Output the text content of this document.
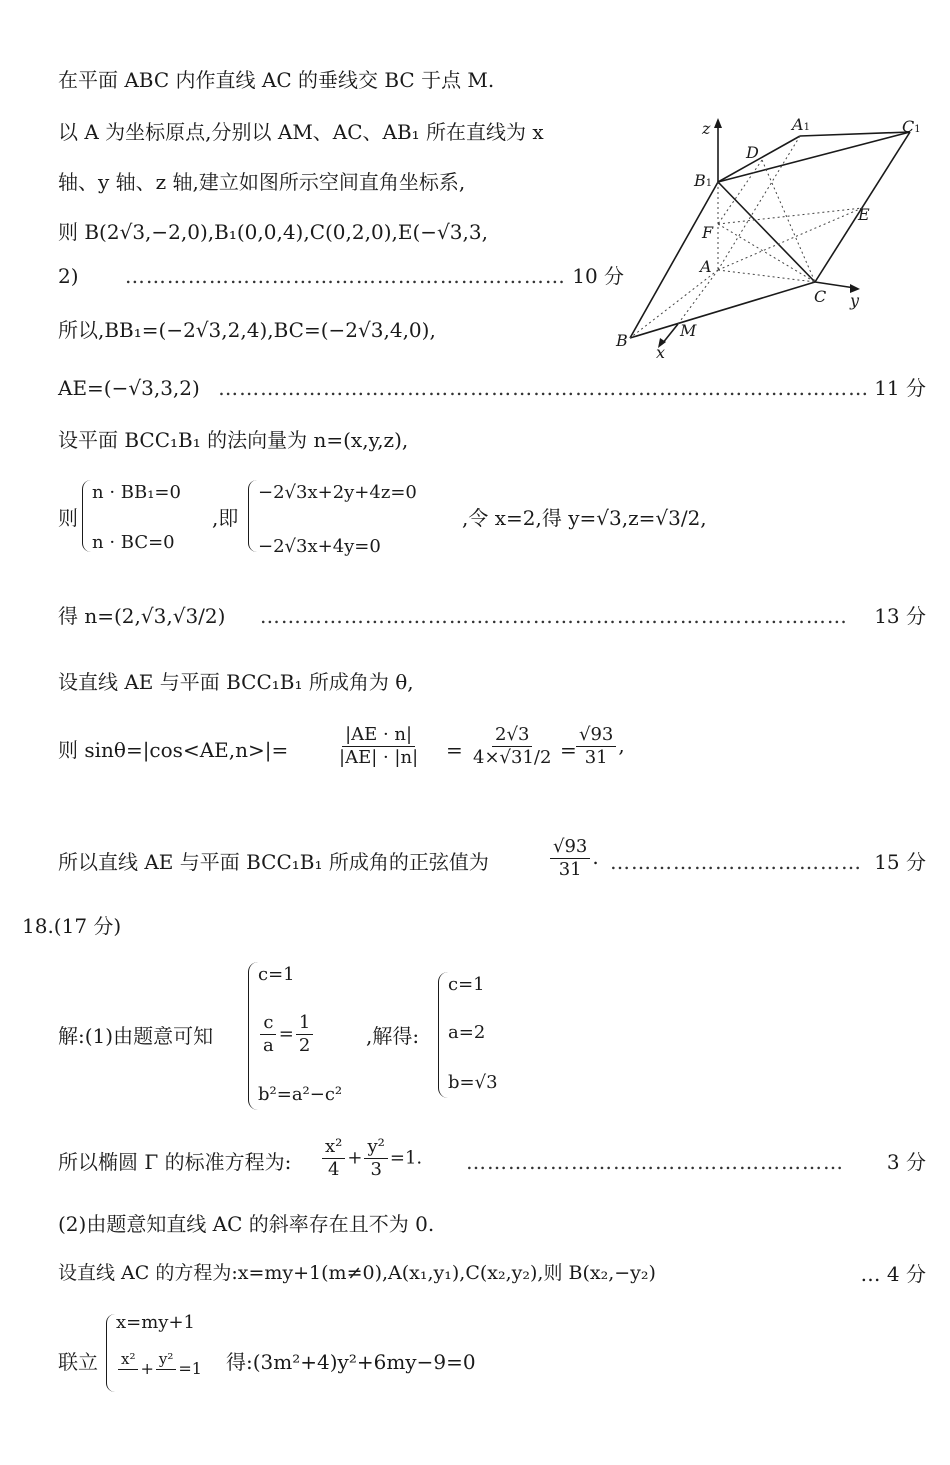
在平面 ABC 内作直线 AC 的垂线交 BC 于点 M.
以 A 为坐标原点,分别以 AM、AC、AB₁ 所在直线为 x
轴、y 轴、z 轴,建立如图所示空间直角坐标系,
则 B(2√3,−2,0),B₁(0,0,4),C(0,2,0),E(−√3,3,
2) ……………………………………………………… 10 分
所以,BB₁=(−2√3,2,4),BC=(−2√3,4,0),
AE=(−√3,3,2) ………………………………………………………………………………… 11 分
设平面 BCC₁B₁ 的法向量为 n=(x,y,z),
则
n · BB₁=0
n · BC=0
,即
−2√3x+2y+4z=0
−2√3x+4y=0
,令 x=2,得 y=√3,z=√3/2,
得 n=(2,√3,√3/2) ………………………………………………………………………… 13 分
设直线 AE 与平面 BCC₁B₁ 所成角为 θ,
则 sinθ=|cos<AE,n>|=	$\frac{|AE \cdot n|}{|AE| \cdot |n|} = \frac{2√3}{4\times√31/2} = \frac{√93}{31}$ ,
所以直线 AE 与平面 BCC₁B₁ 所成角的正弦值为	$\frac{√93}{31}$ . ……………………………… 15 分
18.(17 分)
解:(1)由题意可知
c=1
$\frac{c}{a} = \frac{1}{2}$
b²=a²−c²
,解得:
c=1
a=2
b=√3
所以椭圆 Γ 的标准方程为: $\frac{\text{x²}}{4} + \frac{\text{y²}}{3} =1$. ……………………………………………… 3 分
(2)由题意知直线 AC 的斜率存在且不为 0.
设直线 AC 的方程为:x=my+1(m≠0),A(x₁,y₁),C(x₂,y₂),则 B(x₂,−y₂)	… 4 分
联立
x=my+1
x²
+ y²
=1 得:(3m²+4)y²+6my−9=0
z	A1	C1
D
B1
E
F
A
C y
B
M
x
